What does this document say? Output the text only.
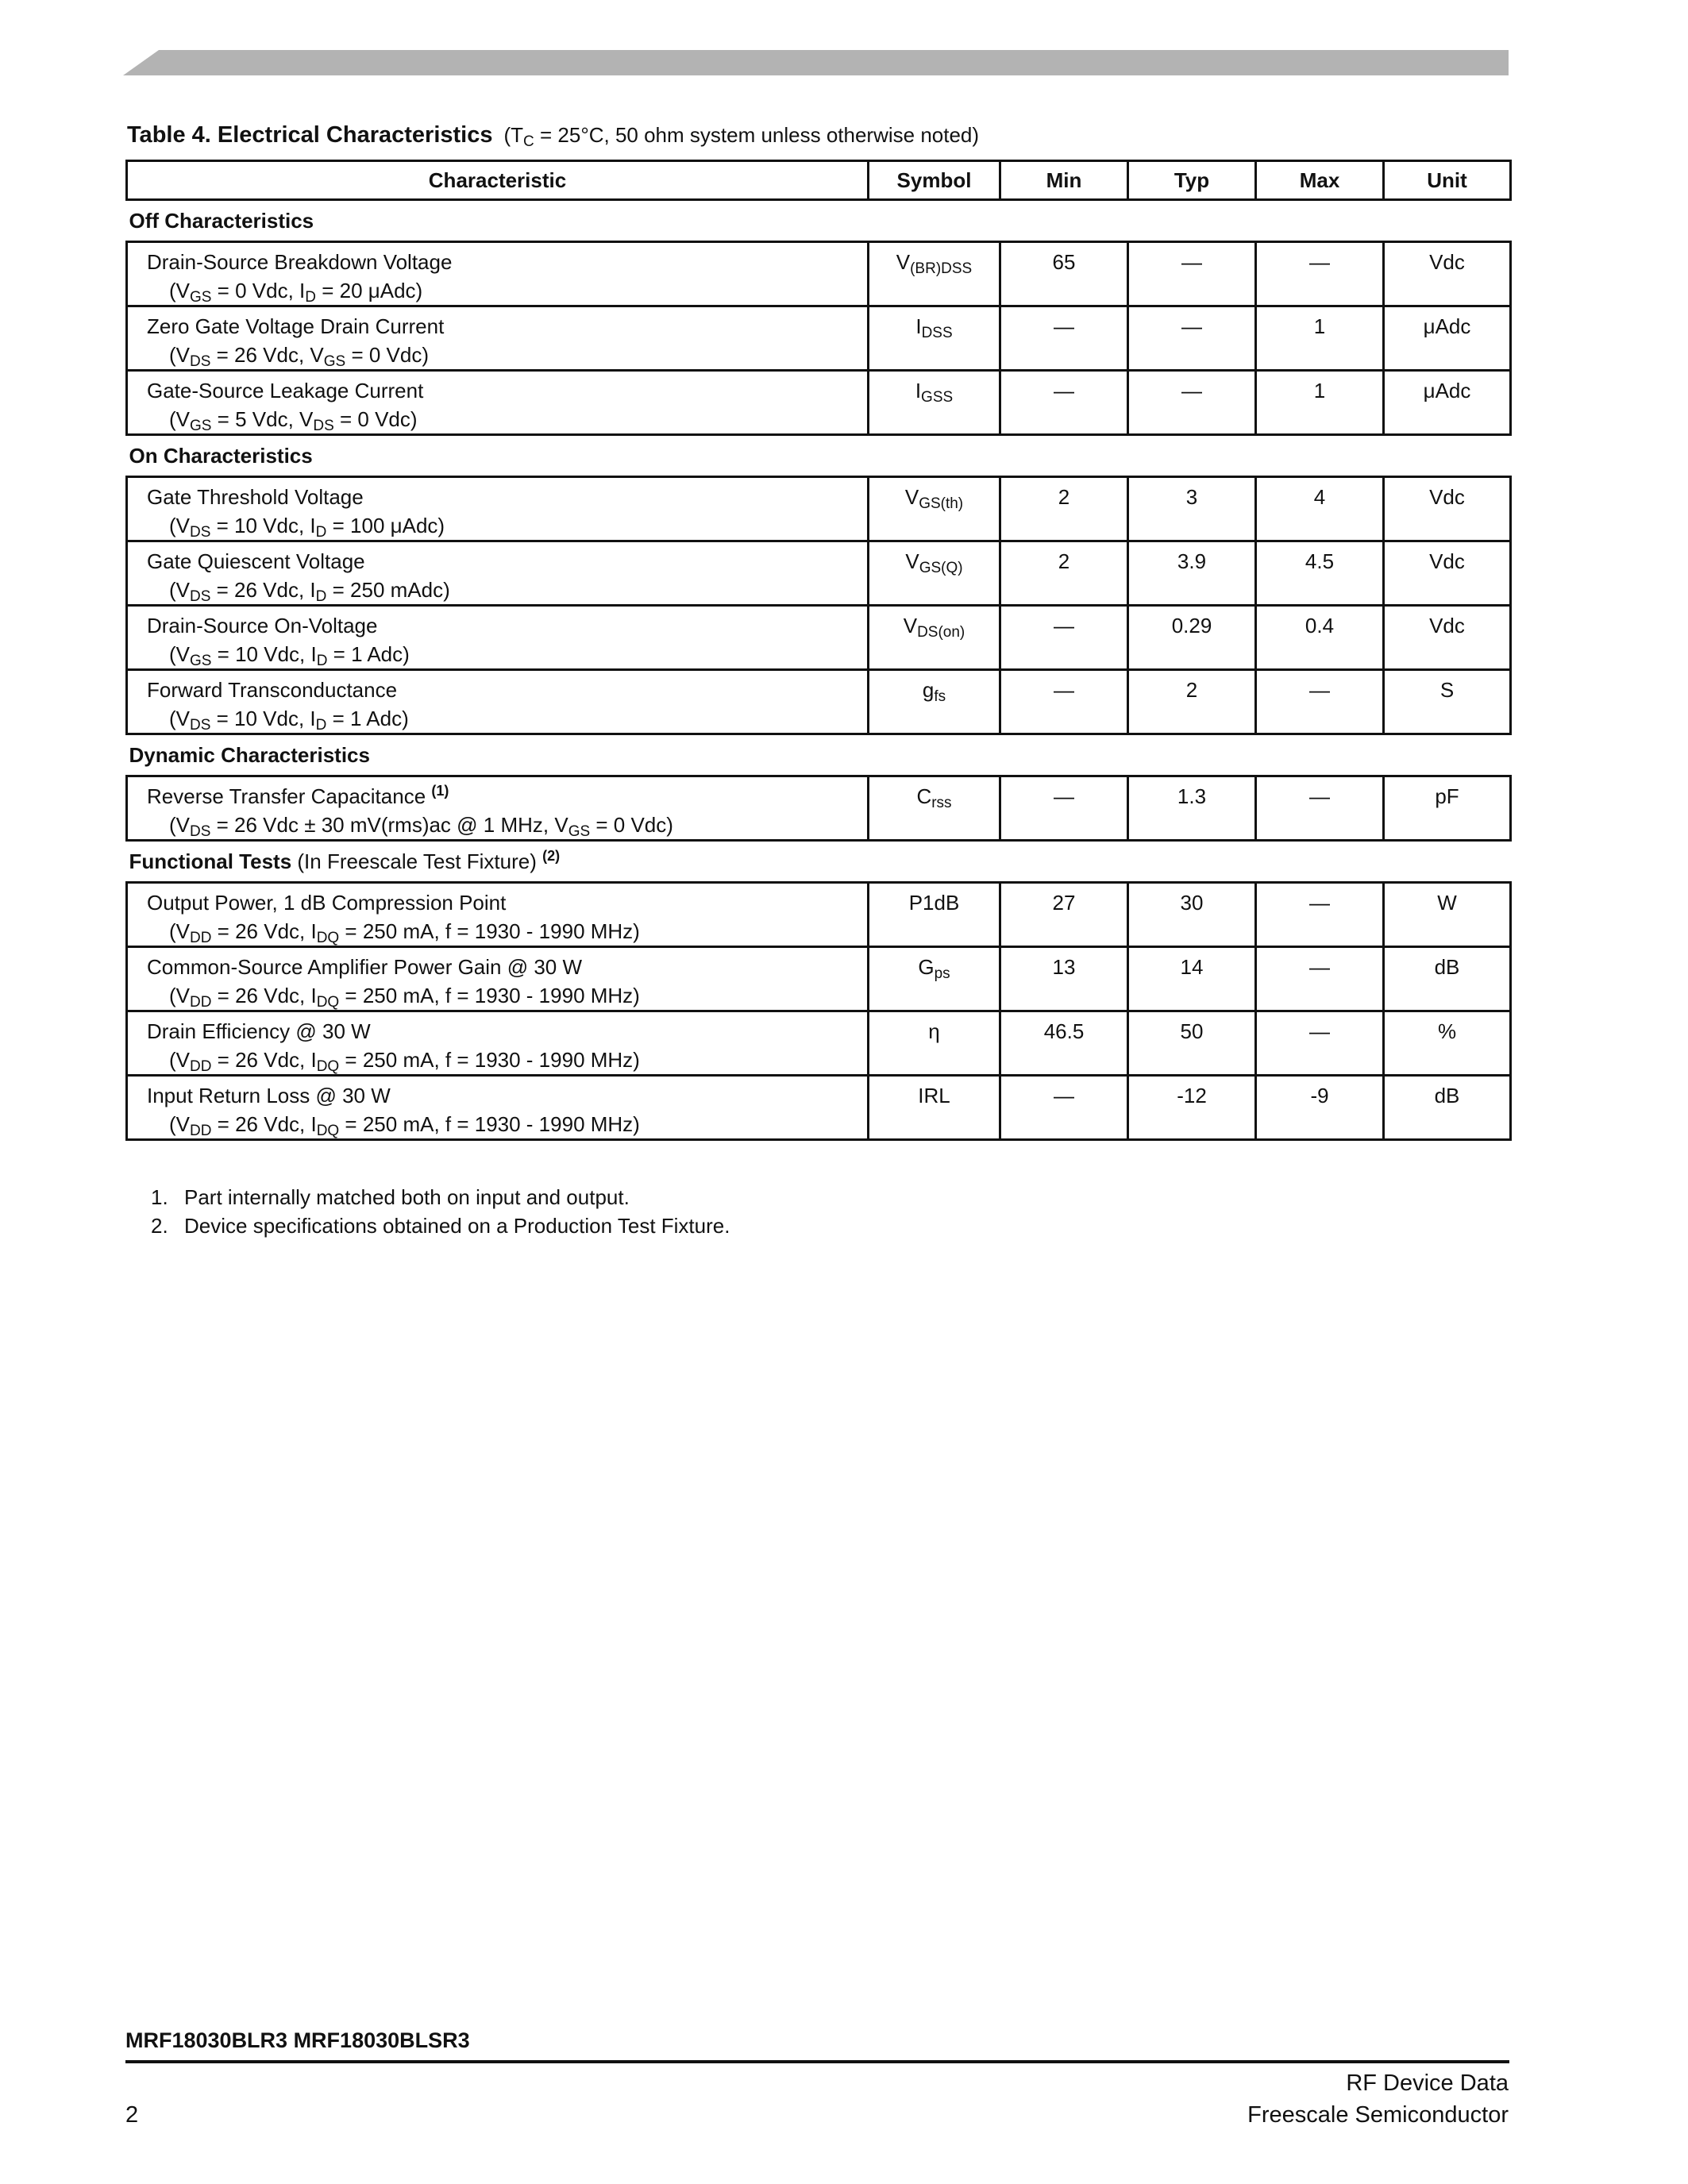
Table 4. Electrical Characteristics ($T_C = 25^\circ C$, 50 ohm system unless otherwise noted)
Characteristic	Symbol	Min	Typ	Max	Unit
Off Characteristics					
Drain-Source Breakdown Voltage
($V_{GS} = 0$ Vdc, $I_D = 20$ μAdc)	$V_{(BR)DSS}$	65	—	—	Vdc
Zero Gate Voltage Drain Current
($V_{DS} = 26$ Vdc, $V_{GS} = 0$ Vdc)	$I_{DSS}$	—	—	1	μAdc
Gate-Source Leakage Current
($V_{GS} = 5$ Vdc, $V_{DS} = 0$ Vdc)	$I_{GSS}$	—	—	1	μAdc
On Characteristics					
Gate Threshold Voltage
($V_{DS} = 10$ Vdc, $I_D = 100$ μAdc)	$V_{GS(th)}$	2	3	4	Vdc
Gate Quiescent Voltage
($V_{DS} = 26$ Vdc, $I_D = 250$ mAdc)	$V_{GS(Q)}$	2	3.9	4.5	Vdc
Drain-Source On-Voltage
($V_{GS} = 10$ Vdc, $I_D = 1$ Adc)	$V_{DS(on)}$	—	0.29	0.4	Vdc
Forward Transconductance
($V_{DS} = 10$ Vdc, $I_D = 1$ Adc)	$g_{fs}$	—	2	—	S
Dynamic Characteristics					
Reverse Transfer Capacitance $^{(1)}$
($V_{DS} = 26$ Vdc ± 30 mV(rms)ac @ 1 MHz, $V_{GS} = 0$ Vdc)	$C_{rss}$	—	1.3	—	pF
Functional Tests (In Freescale Test Fixture) $^{(2)}$
Output Power, 1 dB Compression Point
($V_{DD} = 26$ Vdc, $I_{DQ} = 250$ mA, f = 1930 - 1990 MHz)	P1dB	27	30	—	W
Common-Source Amplifier Power Gain @ 30 W
($V_{DD} = 26$ Vdc, $I_{DQ} = 250$ mA, f = 1930 - 1990 MHz)	$G_{ps}$	13	14	—	dB
Drain Efficiency @ 30 W
($V_{DD} = 26$ Vdc, $I_{DQ} = 250$ mA, f = 1930 - 1990 MHz)	η	46.5	50	—	%
Input Return Loss @ 30 W
($V_{DD} = 26$ Vdc, $I_{DQ} = 250$ mA, f = 1930 - 1990 MHz)	IRL	—	-12	-9	dB
1. Part internally matched both on input and output.
2. Device specifications obtained on a Production Test Fixture.
MRF18030BLR3 MRF18030BLSR3
RF Device Data
Freescale Semiconductor
2
